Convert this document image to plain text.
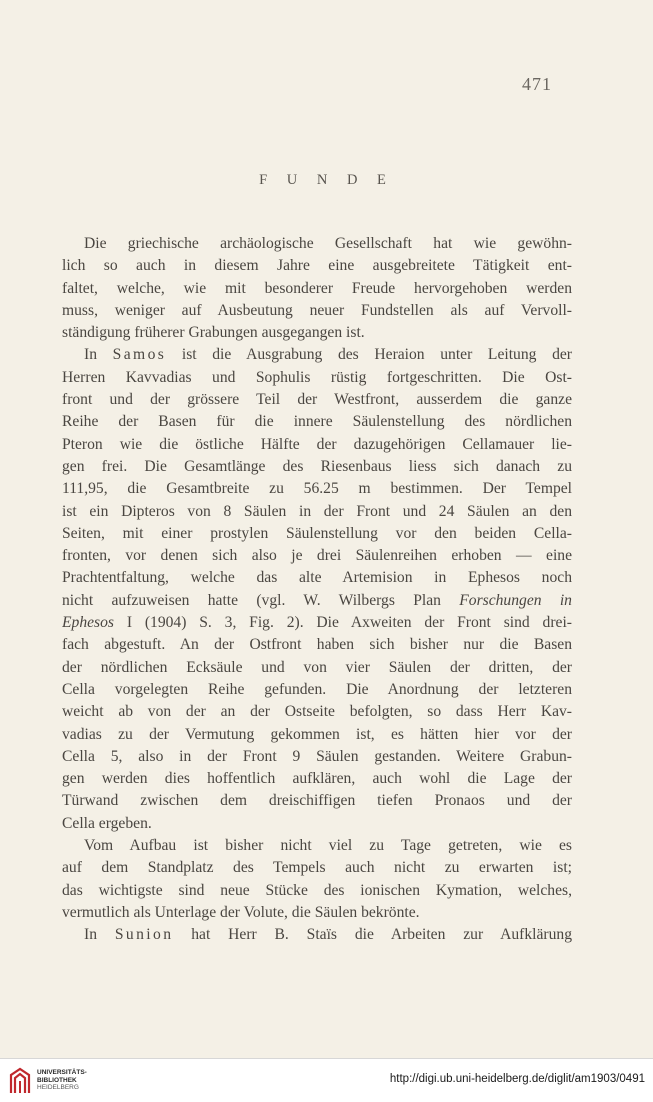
471
F U N D E
Die griechische archäologische Gesellschaft hat wie gewöhn-
lich so auch in diesem Jahre eine ausgebreitete Tätigkeit ent-
faltet, welche, wie mit besonderer Freude hervorgehoben werden
muss, weniger auf Ausbeutung neuer Fundstellen als auf Vervoll-
ständigung früherer Grabungen ausgegangen ist.
In Samos ist die Ausgrabung des Heraion unter Leitung der
Herren Kavvadias und Sophulis rüstig fortgeschritten. Die Ost-
front und der grössere Teil der Westfront, ausserdem die ganze
Reihe der Basen für die innere Säulenstellung des nördlichen
Pteron wie die östliche Hälfte der dazugehörigen Cellamauer lie-
gen frei. Die Gesamtlänge des Riesenbaus liess sich danach zu
111,95, die Gesamtbreite zu 56.25 m bestimmen. Der Tempel
ist ein Dipteros von 8 Säulen in der Front und 24 Säulen an den
Seiten, mit einer prostylen Säulenstellung vor den beiden Cella-
fronten, vor denen sich also je drei Säulenreihen erhoben — eine
Prachtentfaltung, welche das alte Artemision in Ephesos noch
nicht aufzuweisen hatte (vgl. W. Wilbergs Plan Forschungen in
Ephesos I (1904) S. 3, Fig. 2). Die Axweiten der Front sind drei-
fach abgestuft. An der Ostfront haben sich bisher nur die Basen
der nördlichen Ecksäule und von vier Säulen der dritten, der
Cella vorgelegten Reihe gefunden. Die Anordnung der letzteren
weicht ab von der an der Ostseite befolgten, so dass Herr Kav-
vadias zu der Vermutung gekommen ist, es hätten hier vor der
Cella 5, also in der Front 9 Säulen gestanden. Weitere Grabun-
gen werden dies hoffentlich aufklären, auch wohl die Lage der
Türwand zwischen dem dreischiffigen tiefen Pronaos und der
Cella ergeben.
Vom Aufbau ist bisher nicht viel zu Tage getreten, wie es
auf dem Standplatz des Tempels auch nicht zu erwarten ist;
das wichtigste sind neue Stücke des ionischen Kymation, welches,
vermutlich als Unterlage der Volute, die Säulen bekrönte.
In Sunion hat Herr B. Staïs die Arbeiten zur Aufklärung
UNIVERSITÄTS-
BIBLIOTHEK
HEIDELBERG
http://digi.ub.uni-heidelberg.de/diglit/am1903/0491
